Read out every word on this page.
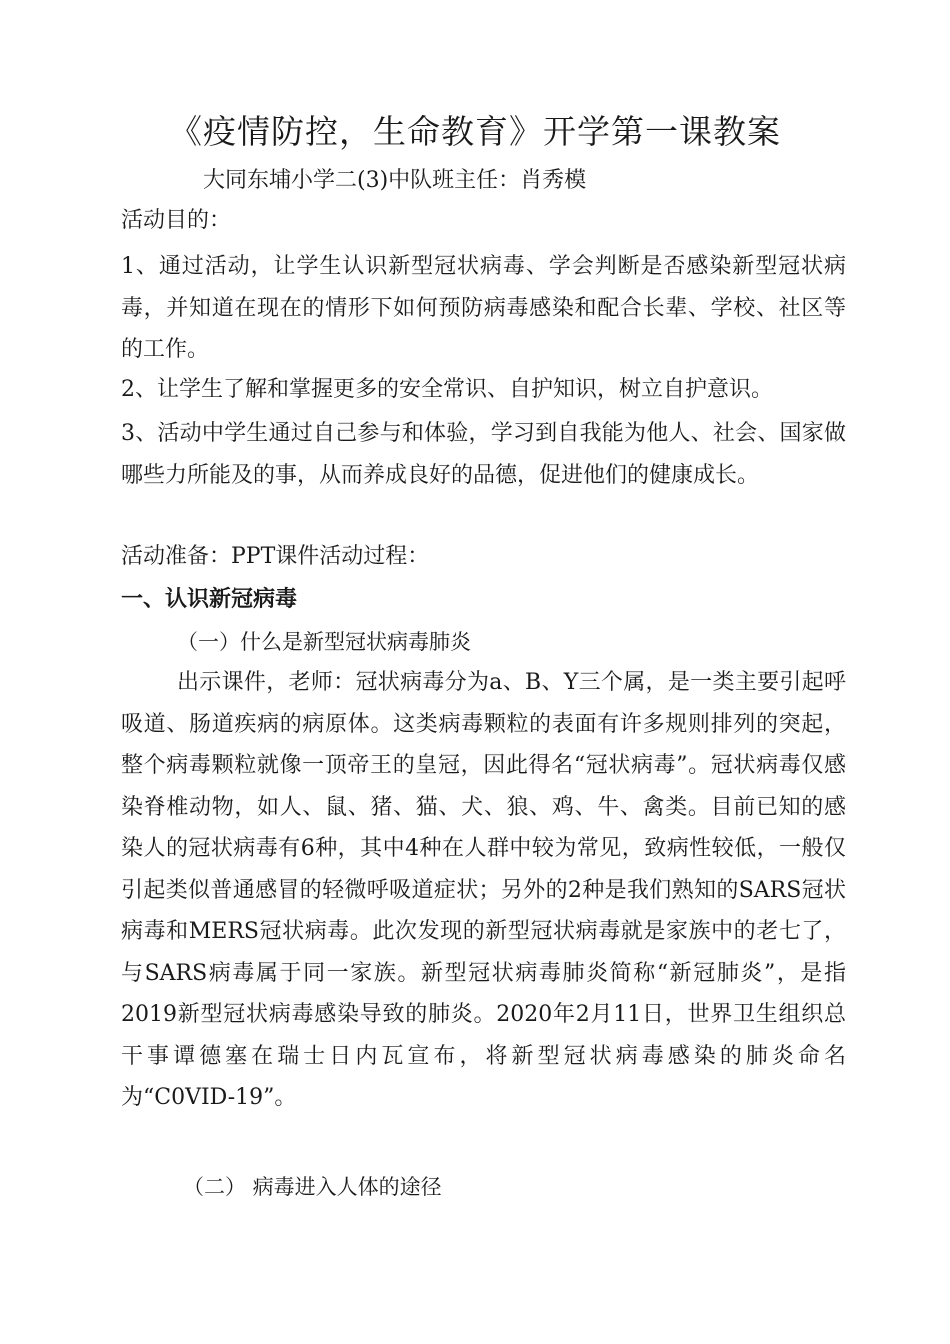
《疫情防控，生命教育》开学第一课教案

大同东埔小学二(3)中队班主任：肖秀模

活动目的：

1、通过活动，让学生认识新型冠状病毒、学会判断是否感染新型冠状病毒，并知道在现在的情形下如何预防病毒感染和配合长辈、学校、社区等的工作。

2、让学生了解和掌握更多的安全常识、自护知识，树立自护意识。

3、活动中学生通过自己参与和体验，学习到自我能为他人、社会、国家做哪些力所能及的事，从而养成良好的品德，促进他们的健康成长。

活动准备：PPT课件活动过程：

一、认识新冠病毒

（一）什么是新型冠状病毒肺炎

出示课件，老师：冠状病毒分为a、B、Y三个属，是一类主要引起呼吸道、肠道疾病的病原体。这类病毒颗粒的表面有许多规则排列的突起，整个病毒颗粒就像一顶帝王的皇冠，因此得名“冠状病毒”。冠状病毒仅感染脊椎动物，如人、鼠、猪、猫、犬、狼、鸡、牛、禽类。目前已知的感染人的冠状病毒有6种，其中4种在人群中较为常见，致病性较低，一般仅引起类似普通感冒的轻微呼吸道症状；另外的2种是我们熟知的SARS冠状病毒和MERS冠状病毒。此次发现的新型冠状病毒就是家族中的老七了，与SARS病毒属于同一家族。新型冠状病毒肺炎简称“新冠肺炎”，是指2019新型冠状病毒感染导致的肺炎。2020年2月11日，世界卫生组织总干事谭德塞在瑞士日内瓦宣布，将新型冠状病毒感染的肺炎命名为“C0VID-19”。

（二） 病毒进入人体的途径
